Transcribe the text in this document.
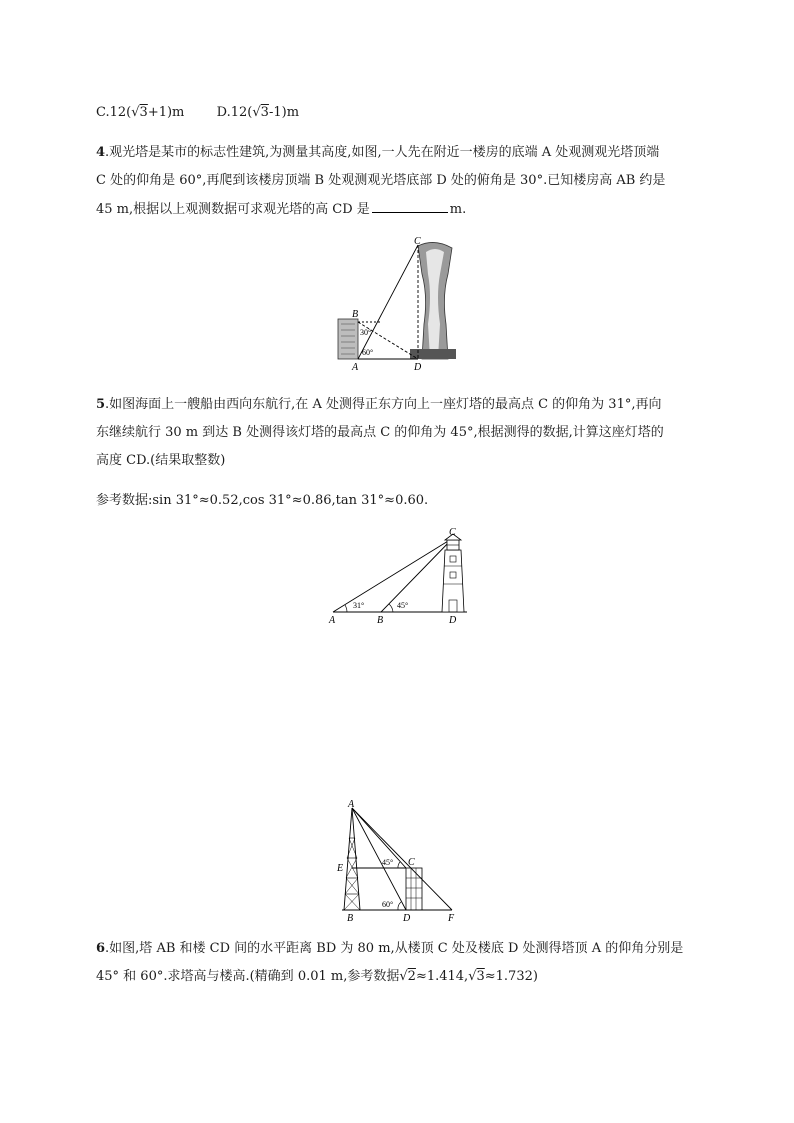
C.12(√3+1)m D.12(√3-1)m
4.观光塔是某市的标志性建筑,为测量其高度,如图,一人先在附近一楼房的底端 A 处观测观光塔顶端
C 处的仰角是 60°,再爬到该楼房顶端 B 处观测观光塔底部 D 处的俯角是 30°.已知楼房高 AB 约是
45 m,根据以上观测数据可求观光塔的高 CD 是	m.
C
B
A	D
30°
60°
5.如图海面上一艘船由西向东航行,在 A 处测得正东方向上一座灯塔的最高点 C 的仰角为 31°,再向
东继续航行 30 m 到达 B 处测得该灯塔的最高点 C 的仰角为 45°,根据测得的数据,计算这座灯塔的
高度 CD.(结果取整数)
参考数据:sin 31°≈0.52,cos 31°≈0.86,tan 31°≈0.60.
C
A	B	D
31°	45°
A
E
B
C
D	F
45°
60°
6.如图,塔 AB 和楼 CD 间的水平距离 BD 为 80 m,从楼顶 C 处及楼底 D 处测得塔顶 A 的仰角分别是
45° 和 60°.求塔高与楼高.(精确到 0.01 m,参考数据√2≈1.414,√3≈1.732)
